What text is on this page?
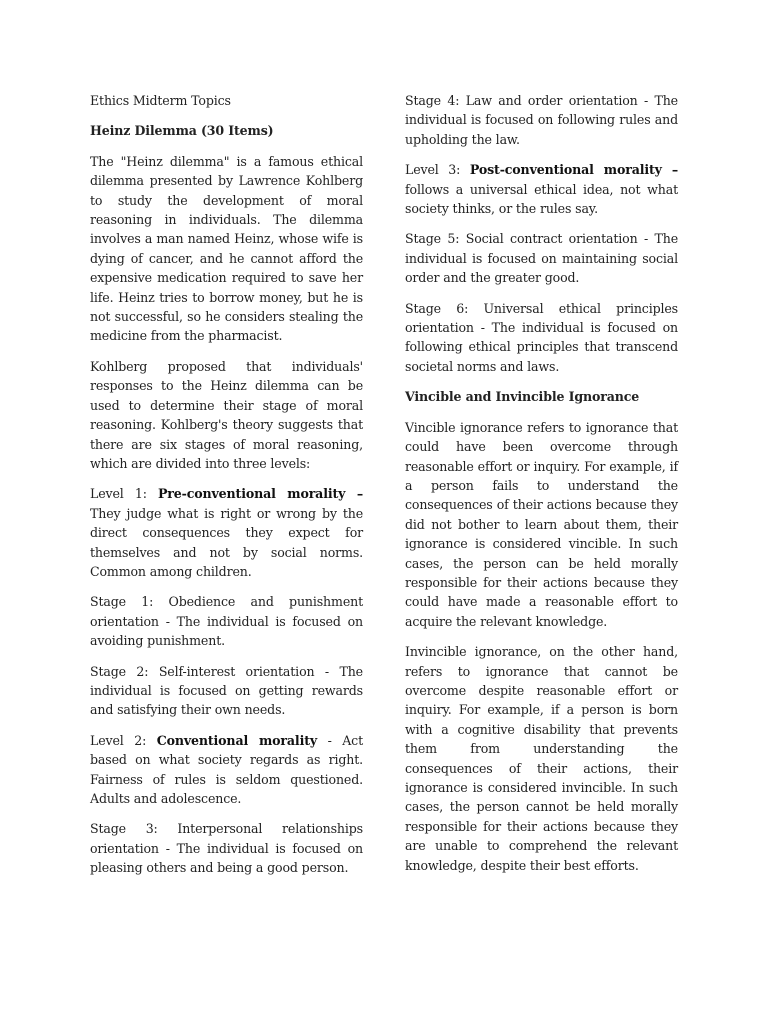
Ethics Midterm Topics

Heinz Dilemma (30 Items)

The "Heinz dilemma" is a famous ethical dilemma presented by Lawrence Kohlberg to study the development of moral reasoning in individuals. The dilemma involves a man named Heinz, whose wife is dying of cancer, and he cannot afford the expensive medication required to save her life. Heinz tries to borrow money, but he is not successful, so he considers stealing the medicine from the pharmacist.

Kohlberg proposed that individuals' responses to the Heinz dilemma can be used to determine their stage of moral reasoning. Kohlberg's theory suggests that there are six stages of moral reasoning, which are divided into three levels:

Level 1: Pre-conventional morality – They judge what is right or wrong by the direct consequences they expect for themselves and not by social norms. Common among children.

Stage 1: Obedience and punishment orientation - The individual is focused on avoiding punishment.

Stage 2: Self-interest orientation - The individual is focused on getting rewards and satisfying their own needs.

Level 2: Conventional morality - Act based on what society regards as right. Fairness of rules is seldom questioned. Adults and adolescence.

Stage 3: Interpersonal relationships orientation - The individual is focused on pleasing others and being a good person.

Stage 4: Law and order orientation - The individual is focused on following rules and upholding the law.

Level 3: Post-conventional morality – follows a universal ethical idea, not what society thinks, or the rules say.

Stage 5: Social contract orientation - The individual is focused on maintaining social order and the greater good.

Stage 6: Universal ethical principles orientation - The individual is focused on following ethical principles that transcend societal norms and laws.

Vincible and Invincible Ignorance

Vincible ignorance refers to ignorance that could have been overcome through reasonable effort or inquiry. For example, if a person fails to understand the consequences of their actions because they did not bother to learn about them, their ignorance is considered vincible. In such cases, the person can be held morally responsible for their actions because they could have made a reasonable effort to acquire the relevant knowledge.

Invincible ignorance, on the other hand, refers to ignorance that cannot be overcome despite reasonable effort or inquiry. For example, if a person is born with a cognitive disability that prevents them from understanding the consequences of their actions, their ignorance is considered invincible. In such cases, the person cannot be held morally responsible for their actions because they are unable to comprehend the relevant knowledge, despite their best efforts.
